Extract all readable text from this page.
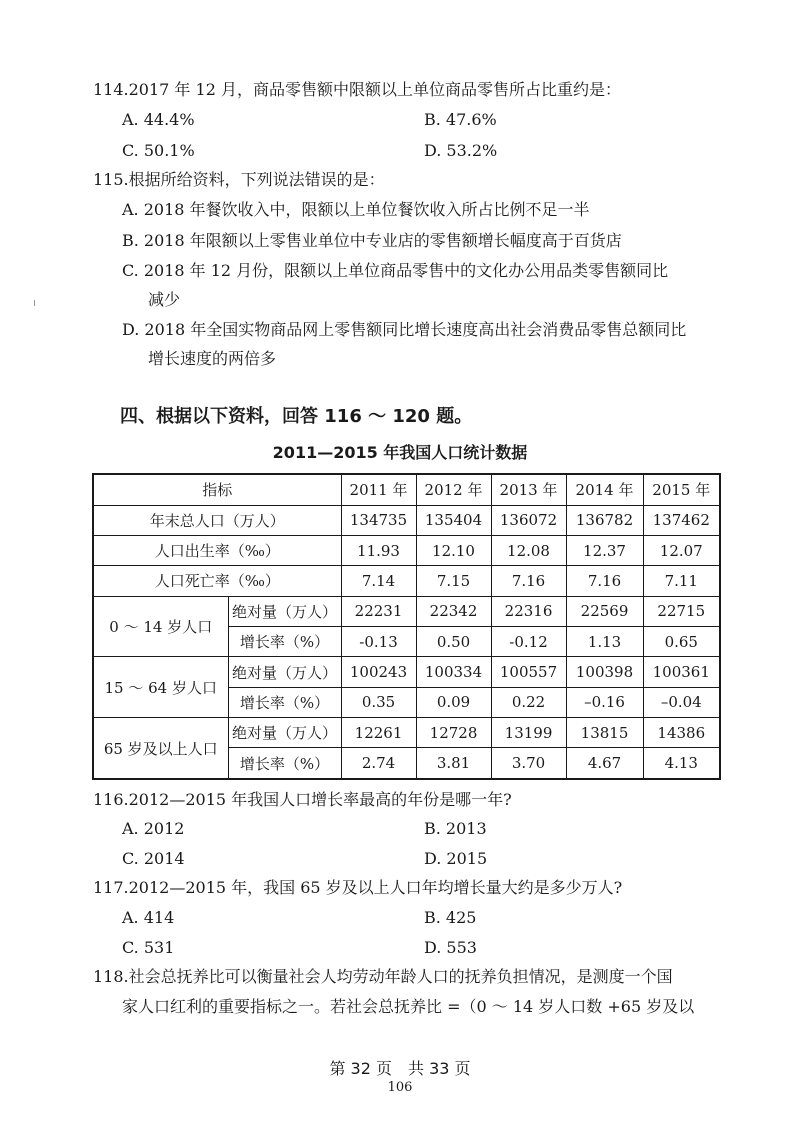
114.2017 年 12 月，商品零售额中限额以上单位商品零售所占比重约是：
A. 44.4%	B. 47.6%
C. 50.1%	D. 53.2%
115.根据所给资料，下列说法错误的是：
A. 2018 年餐饮收入中，限额以上单位餐饮收入所占比例不足一半
B. 2018 年限额以上零售业单位中专业店的零售额增长幅度高于百货店
C. 2018 年 12 月份，限额以上单位商品零售中的文化办公用品类零售额同比
减少
D. 2018 年全国实物商品网上零售额同比增长速度高出社会消费品零售总额同比
增长速度的两倍多
四、根据以下资料，回答 116 ～ 120 题。
2011—2015 年我国人口统计数据
指标		2011 年	2012 年	2013 年	2014 年	2015 年
年末总人口（万人）		134735	135404	136072	136782	137462
人口出生率（‰）		11.93	12.10	12.08	12.37	12.07
人口死亡率（‰）		7.14	7.15	7.16	7.16	7.11
0 ～ 14 岁人口	绝对量（万人）	22231	22342	22316	22569	22715
	增长率（%）	-0.13	0.50	-0.12	1.13	0.65
15 ～ 64 岁人口	绝对量（万人）	100243	100334	100557	100398	100361
	增长率（%）	0.35	0.09	0.22	–0.16	–0.04
65 岁及以上人口	绝对量（万人）	12261	12728	13199	13815	14386
	增长率（%）	2.74	3.81	3.70	4.67	4.13
116.2012—2015 年我国人口增长率最高的年份是哪一年?
A. 2012	B. 2013
C. 2014	D. 2015
117.2012—2015 年，我国 65 岁及以上人口年均增长量大约是多少万人?
A. 414	B. 425
C. 531	D. 553
118.社会总抚养比可以衡量社会人均劳动年龄人口的抚养负担情况，是测度一个国
家人口红利的重要指标之一。若社会总抚养比 =（0 ～ 14 岁人口数 +65 岁及以
第 32 页　共 33 页
106
